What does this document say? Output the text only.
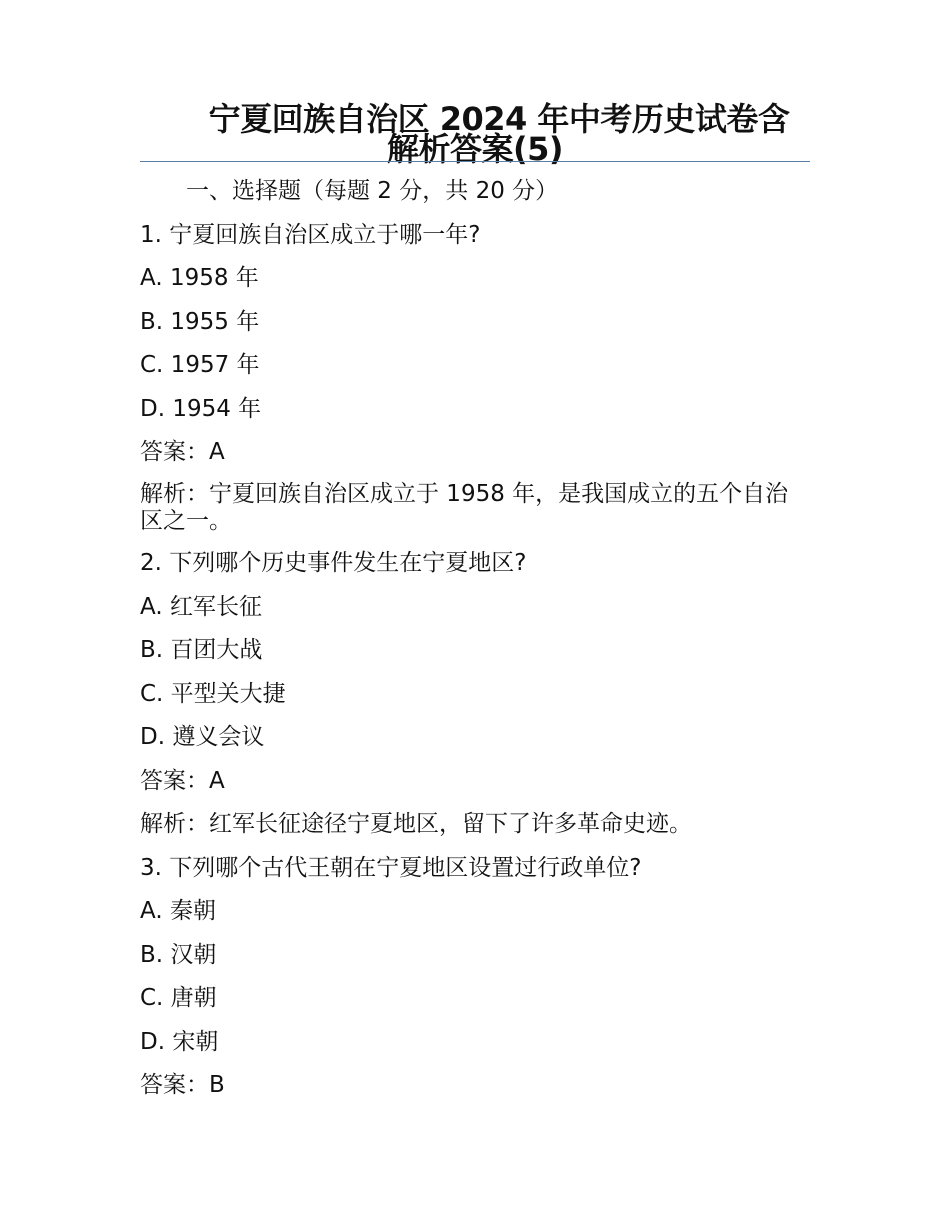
宁夏回族自治区 2024 年中考历史试卷含
解析答案(5)
一、选择题（每题 2 分，共 20 分）
1. 宁夏回族自治区成立于哪一年?
A. 1958 年
B. 1955 年
C. 1957 年
D. 1954 年
答案：A
解析：宁夏回族自治区成立于 1958 年，是我国成立的五个自治区之一。
2. 下列哪个历史事件发生在宁夏地区?
A. 红军长征
B. 百团大战
C. 平型关大捷
D. 遵义会议
答案：A
解析：红军长征途径宁夏地区，留下了许多革命史迹。
3. 下列哪个古代王朝在宁夏地区设置过行政单位?
A. 秦朝
B. 汉朝
C. 唐朝
D. 宋朝
答案：B
